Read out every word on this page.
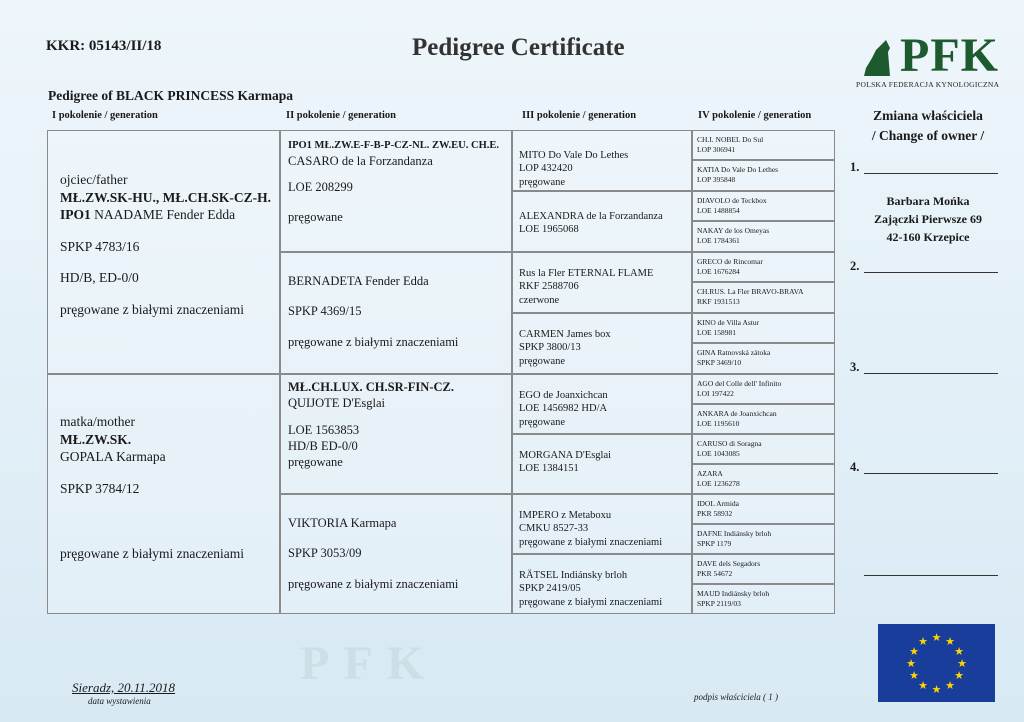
KKR: 05143/II/18	Pedigree Certificate
Pedigree of BLACK PRINCESS Karmapa
I pokolenie / generation	II pokolenie / generation	III pokolenie / generation	IV pokolenie / generation
ojciec/father
MŁ.ZW.SK-HU., MŁ.CH.SK-CZ-H.
IPO1 NAADAME Fender Edda
SPKP 4783/16
HD/B, ED-0/0
pręgowane z białymi znaczeniami
matka/mother
MŁ.ZW.SK.
GOPALA Karmapa
SPKP 3784/12
pręgowane z białymi znaczeniami
IPO1 MŁ.ZW.E-F-B-P-CZ-NL. ZW.EU. CH.E.
CASARO de la Forzandanza
LOE 208299
pręgowane
BERNADETA Fender Edda
SPKP 4369/15
pręgowane z białymi znaczeniami
MŁ.CH.LUX. CH.SR-FIN-CZ.
QUIJOTE D'Esglai
LOE 1563853
HD/B ED-0/0
pręgowane
VIKTORIA Karmapa
SPKP 3053/09
pręgowane z białymi znaczeniami
MITO Do Vale Do Lethes
LOP 432420
pręgowane
ALEXANDRA de la Forzandanza
LOE 1965068
Rus la Fler ETERNAL FLAME
RKF 2588706
czerwone
CARMEN James box
SPKP 3800/13
pręgowane
EGO de Joanxichcan
LOE 1456982 HD/A
pręgowane
MORGANA D'Esglai
LOE 1384151
IMPERO z Metaboxu
CMKU 8527-33
pręgowane z białymi znaczeniami
RÄTSEL Indiánsky brloh
SPKP 2419/05
pręgowane z białymi znaczeniami
CH.I. NOBEL Do Sul
LOP 306941
KATIA Do Vale Do Lethes
LOP 395848
DIAVOLO de Teckbox
LOE 1488854
NAKAY de los Omeyas
LOE 1784361
GRECO de Rincomar
LOE 1676284
CH.RUS. La Fler BRAVO-BRAVA
RKF 1931513
KINO de Villa Astur
LOE 158981
GINA Ratnovská zátoka
SPKP 3469/10
AGO del Colle dell' Infinito
LOI 197422
ANKARA de Joanxichcan
LOE 1195610
CARUSO di Soragna
LOE 1043085
AZARA
LOE 1236278
IDOL Armida
PKR 58932
DAFNE Indiánsky brloh
SPKP 1179
DAVE dels Segadors
PKR 54672
MAUD Indiánsky brloh
SPKP 2119/03
PFK
POLSKA FEDERACJA KYNOLOGICZNA
Zmiana właściciela
/ Change of owner /
1.
Barbara Mońka
Zajączki Pierwsze 69
42-160 Krzepice
2.
3.
4.
★ ★
★
★
★
★
★
★
★
★
★
★
PFK
Sieradz, 20.11.2018
data wystawienia	podpis właściciela ( 1 )
